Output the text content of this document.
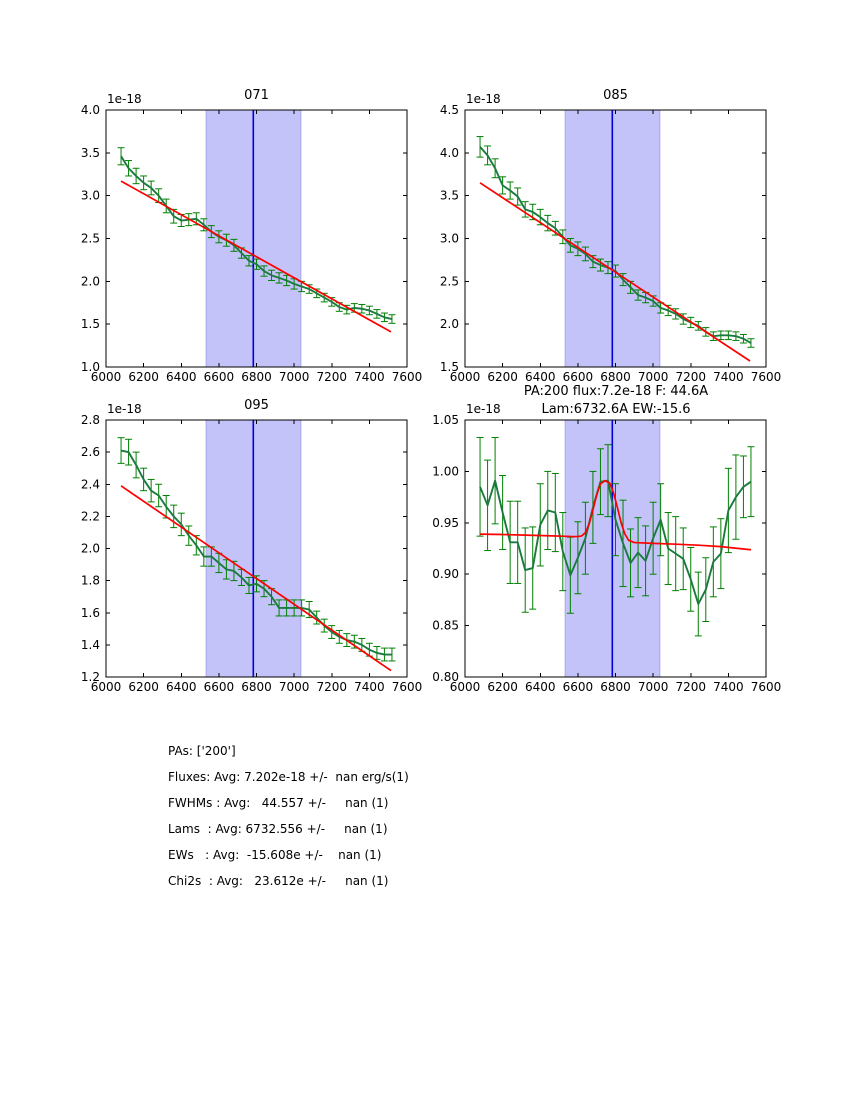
071
6000 6200 6400 6600 6800 7000 7200 7400 7600
1.0
1.5
2.0
2.5
3.0
3.5
4.0
1e-18	085
6000 6200 6400 6600 6800 7000 7200 7400 7600
1.5
2.0
2.5
3.0
3.5
4.0
4.5
1e-18
095
6000 6200 6400 6600 6800 7000 7200 7400 7600
1.2
1.4
1.6
1.8
2.0
2.2
2.4
2.6
2.8
1e-18
6000 6200 6400 6600 6800 7000 7200 7400 7600
0.80
0.85
0.90
0.95
1.00
1.05
1e-18
PA:200 flux:7.2e-18 F: 44.6A
Lam:6732.6A EW:-15.6
PAs: ['200']
Fluxes: Avg: 7.202e-18 +/-  nan erg/s(1)
FWHMs : Avg:   44.557 +/-     nan (1)
Lams  : Avg: 6732.556 +/-     nan (1)
EWs   : Avg:  -15.608e +/-    nan (1)
Chi2s  : Avg:   23.612e +/-     nan (1)
